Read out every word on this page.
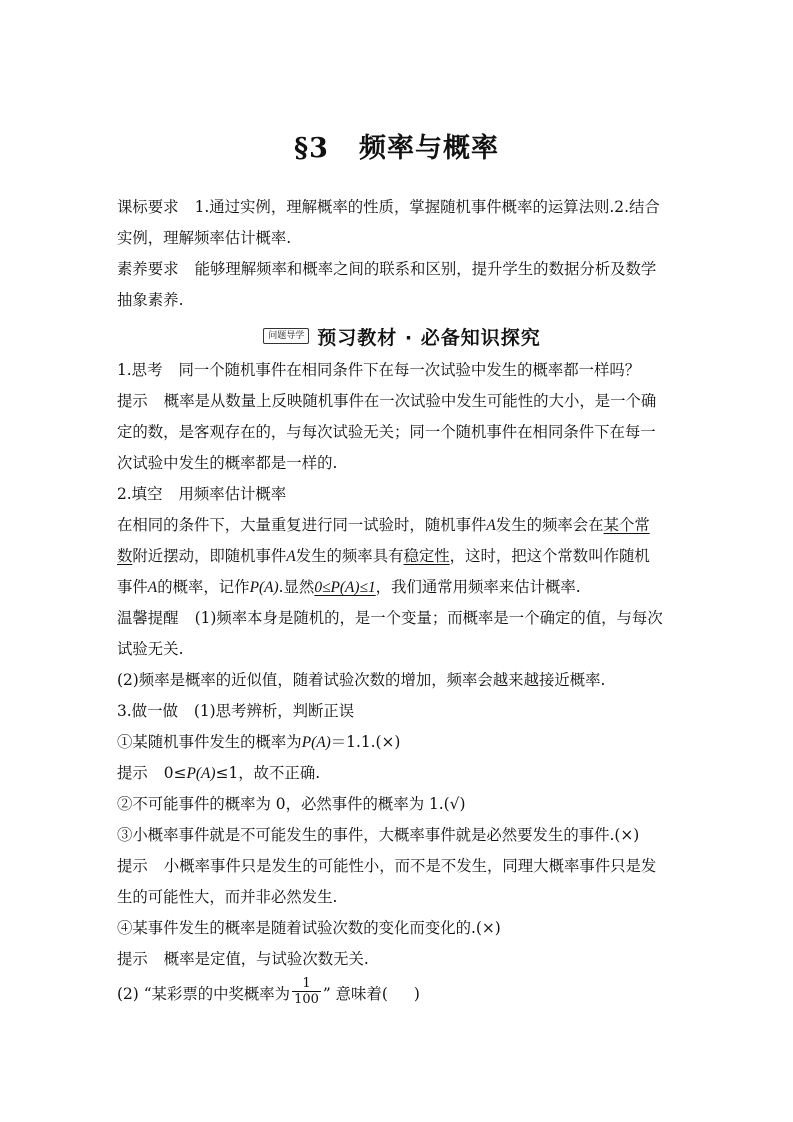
§3 频率与概率

课标要求 1.通过实例，理解概率的性质，掌握随机事件概率的运算法则.2.结合

实例，理解频率估计概率.

素养要求 能够理解频率和概率之间的联系和区别，提升学生的数据分析及数学

抽象素养.

问题导学 预习教材 · 必备知识探究

1.思考 同一个随机事件在相同条件下在每一次试验中发生的概率都一样吗？

提示 概率是从数量上反映随机事件在一次试验中发生可能性的大小，是一个确

定的数，是客观存在的，与每次试验无关；同一个随机事件在相同条件下在每一

次试验中发生的概率都是一样的.

2.填空 用频率估计概率

在相同的条件下，大量重复进行同一试验时，随机事件A发生的频率会在某个常

数附近摆动，即随机事件A发生的频率具有稳定性，这时，把这个常数叫作随机

事件A的概率，记作P(A).显然0≤P(A)≤1，我们通常用频率来估计概率.

温馨提醒 (1)频率本身是随机的，是一个变量；而概率是一个确定的值，与每次

试验无关.

(2)频率是概率的近似值，随着试验次数的增加，频率会越来越接近概率.

3.做一做 (1)思考辨析，判断正误

①某随机事件发生的概率为P(A)＝1.1.(×)

提示 0≤P(A)≤1，故不正确.

②不可能事件的概率为 0，必然事件的概率为 1.(√)

③小概率事件就是不可能发生的事件，大概率事件就是必然要发生的事件.(×)

提示 小概率事件只是发生的可能性小，而不是不发生，同理大概率事件只是发

生的可能性大，而并非必然发生.

④某事件发生的概率是随着试验次数的变化而变化的.(×)

提示 概率是定值，与试验次数无关.

(2) “某彩票的中奖概率为 $\frac{1}{100}$ ” 意味着( )
